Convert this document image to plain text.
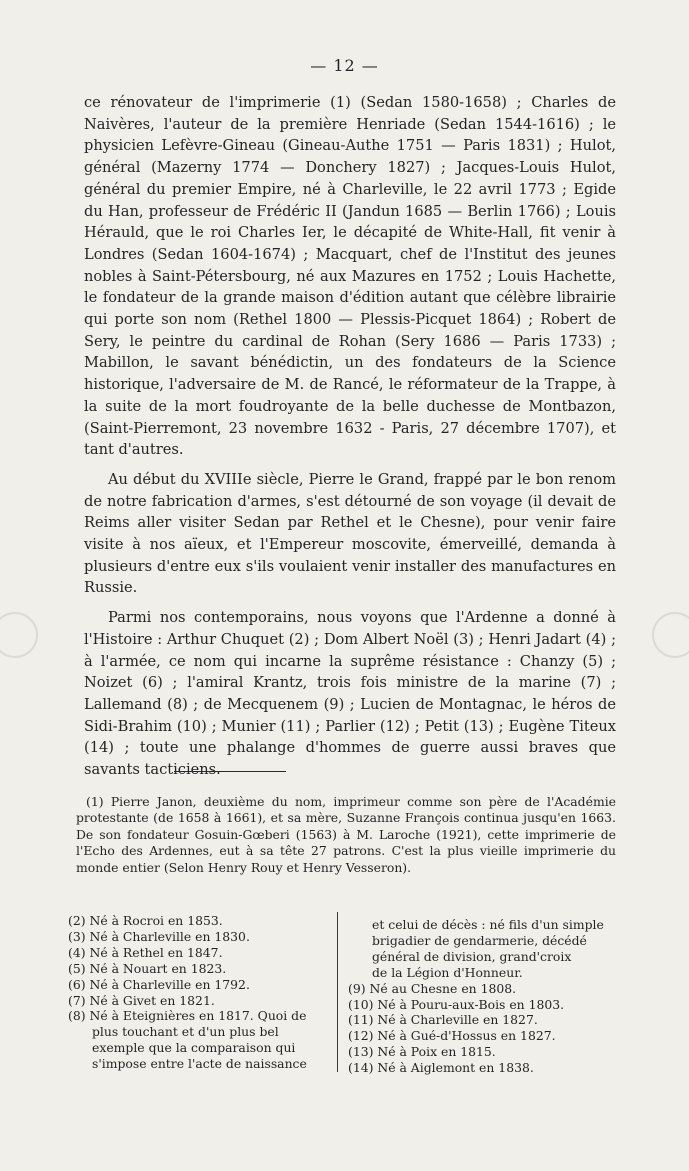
— 12 —

ce rénovateur de l'imprimerie (1) (Sedan 1580-1658) ; Charles de Naivères, l'auteur de la première Henriade (Sedan 1544-1616) ; le physicien Lefèvre-Gineau (Gineau-Authe 1751 — Paris 1831) ; Hulot, général (Mazerny 1774 — Donchery 1827) ; Jacques-Louis Hulot, général du premier Empire, né à Charleville, le 22 avril 1773 ; Egide du Han, professeur de Frédéric II (Jandun 1685 — Berlin 1766) ; Louis Hérauld, que le roi Charles Ier, le décapité de White-Hall, fit venir à Londres (Sedan 1604-1674) ; Macquart, chef de l'Institut des jeunes nobles à Saint-Pétersbourg, né aux Mazures en 1752 ; Louis Hachette, le fondateur de la grande maison d'édition autant que célèbre librairie qui porte son nom (Rethel 1800 — Plessis-Picquet 1864) ; Robert de Sery, le peintre du cardinal de Rohan (Sery 1686 — Paris 1733) ; Mabillon, le savant bénédictin, un des fondateurs de la Science historique, l'adversaire de M. de Rancé, le réformateur de la Trappe, à la suite de la mort foudroyante de la belle duchesse de Montbazon, (Saint-Pierremont, 23 novembre 1632 - Paris, 27 décembre 1707), et tant d'autres.

Au début du XVIIIe siècle, Pierre le Grand, frappé par le bon renom de notre fabrication d'armes, s'est détourné de son voyage (il devait de Reims aller visiter Sedan par Rethel et le Chesne), pour venir faire visite à nos aïeux, et l'Empereur moscovite, émerveillé, demanda à plusieurs d'entre eux s'ils voulaient venir installer des manufactures en Russie.

Parmi nos contemporains, nous voyons que l'Ardenne a donné à l'Histoire : Arthur Chuquet (2) ; Dom Albert Noël (3) ; Henri Jadart (4) ; à l'armée, ce nom qui incarne la suprême résistance : Chanzy (5) ; Noizet (6) ; l'amiral Krantz, trois fois ministre de la marine (7) ; Lallemand (8) ; de Mecquenem (9) ; Lucien de Montagnac, le héros de Sidi-Brahim (10) ; Munier (11) ; Parlier (12) ; Petit (13) ; Eugène Titeux (14) ; toute une phalange d'hommes de guerre aussi braves que savants tacticiens.

(1) Pierre Janon, deuxième du nom, imprimeur comme son père de l'Académie protestante (de 1658 à 1661), et sa mère, Suzanne François continua jusqu'en 1663. De son fondateur Gosuin-Gœberi (1563) à M. Laroche (1921), cette imprimerie de l'Echo des Ardennes, eut à sa tête 27 patrons. C'est la plus vieille imprimerie du monde entier (Selon Henry Rouy et Henry Vesseron).
(2) Né à Rocroi en 1853.
(3) Né à Charleville en 1830.
(4) Né à Rethel en 1847.
(5) Né à Nouart en 1823.
(6) Né à Charleville en 1792.
(7) Né à Givet en 1821.
(8) Né à Eteignières en 1817. Quoi de
plus touchant et d'un plus bel
exemple que la comparaison qui
s'impose entre l'acte de naissance
et celui de décès : né fils d'un simple
brigadier de gendarmerie, décédé
général de division, grand'croix
de la Légion d'Honneur.
(9) Né au Chesne en 1808.
(10) Né à Pouru-aux-Bois en 1803.
(11) Né à Charleville en 1827.
(12) Né à Gué-d'Hossus en 1827.
(13) Né à Poix en 1815.
(14) Né à Aiglemont en 1838.
